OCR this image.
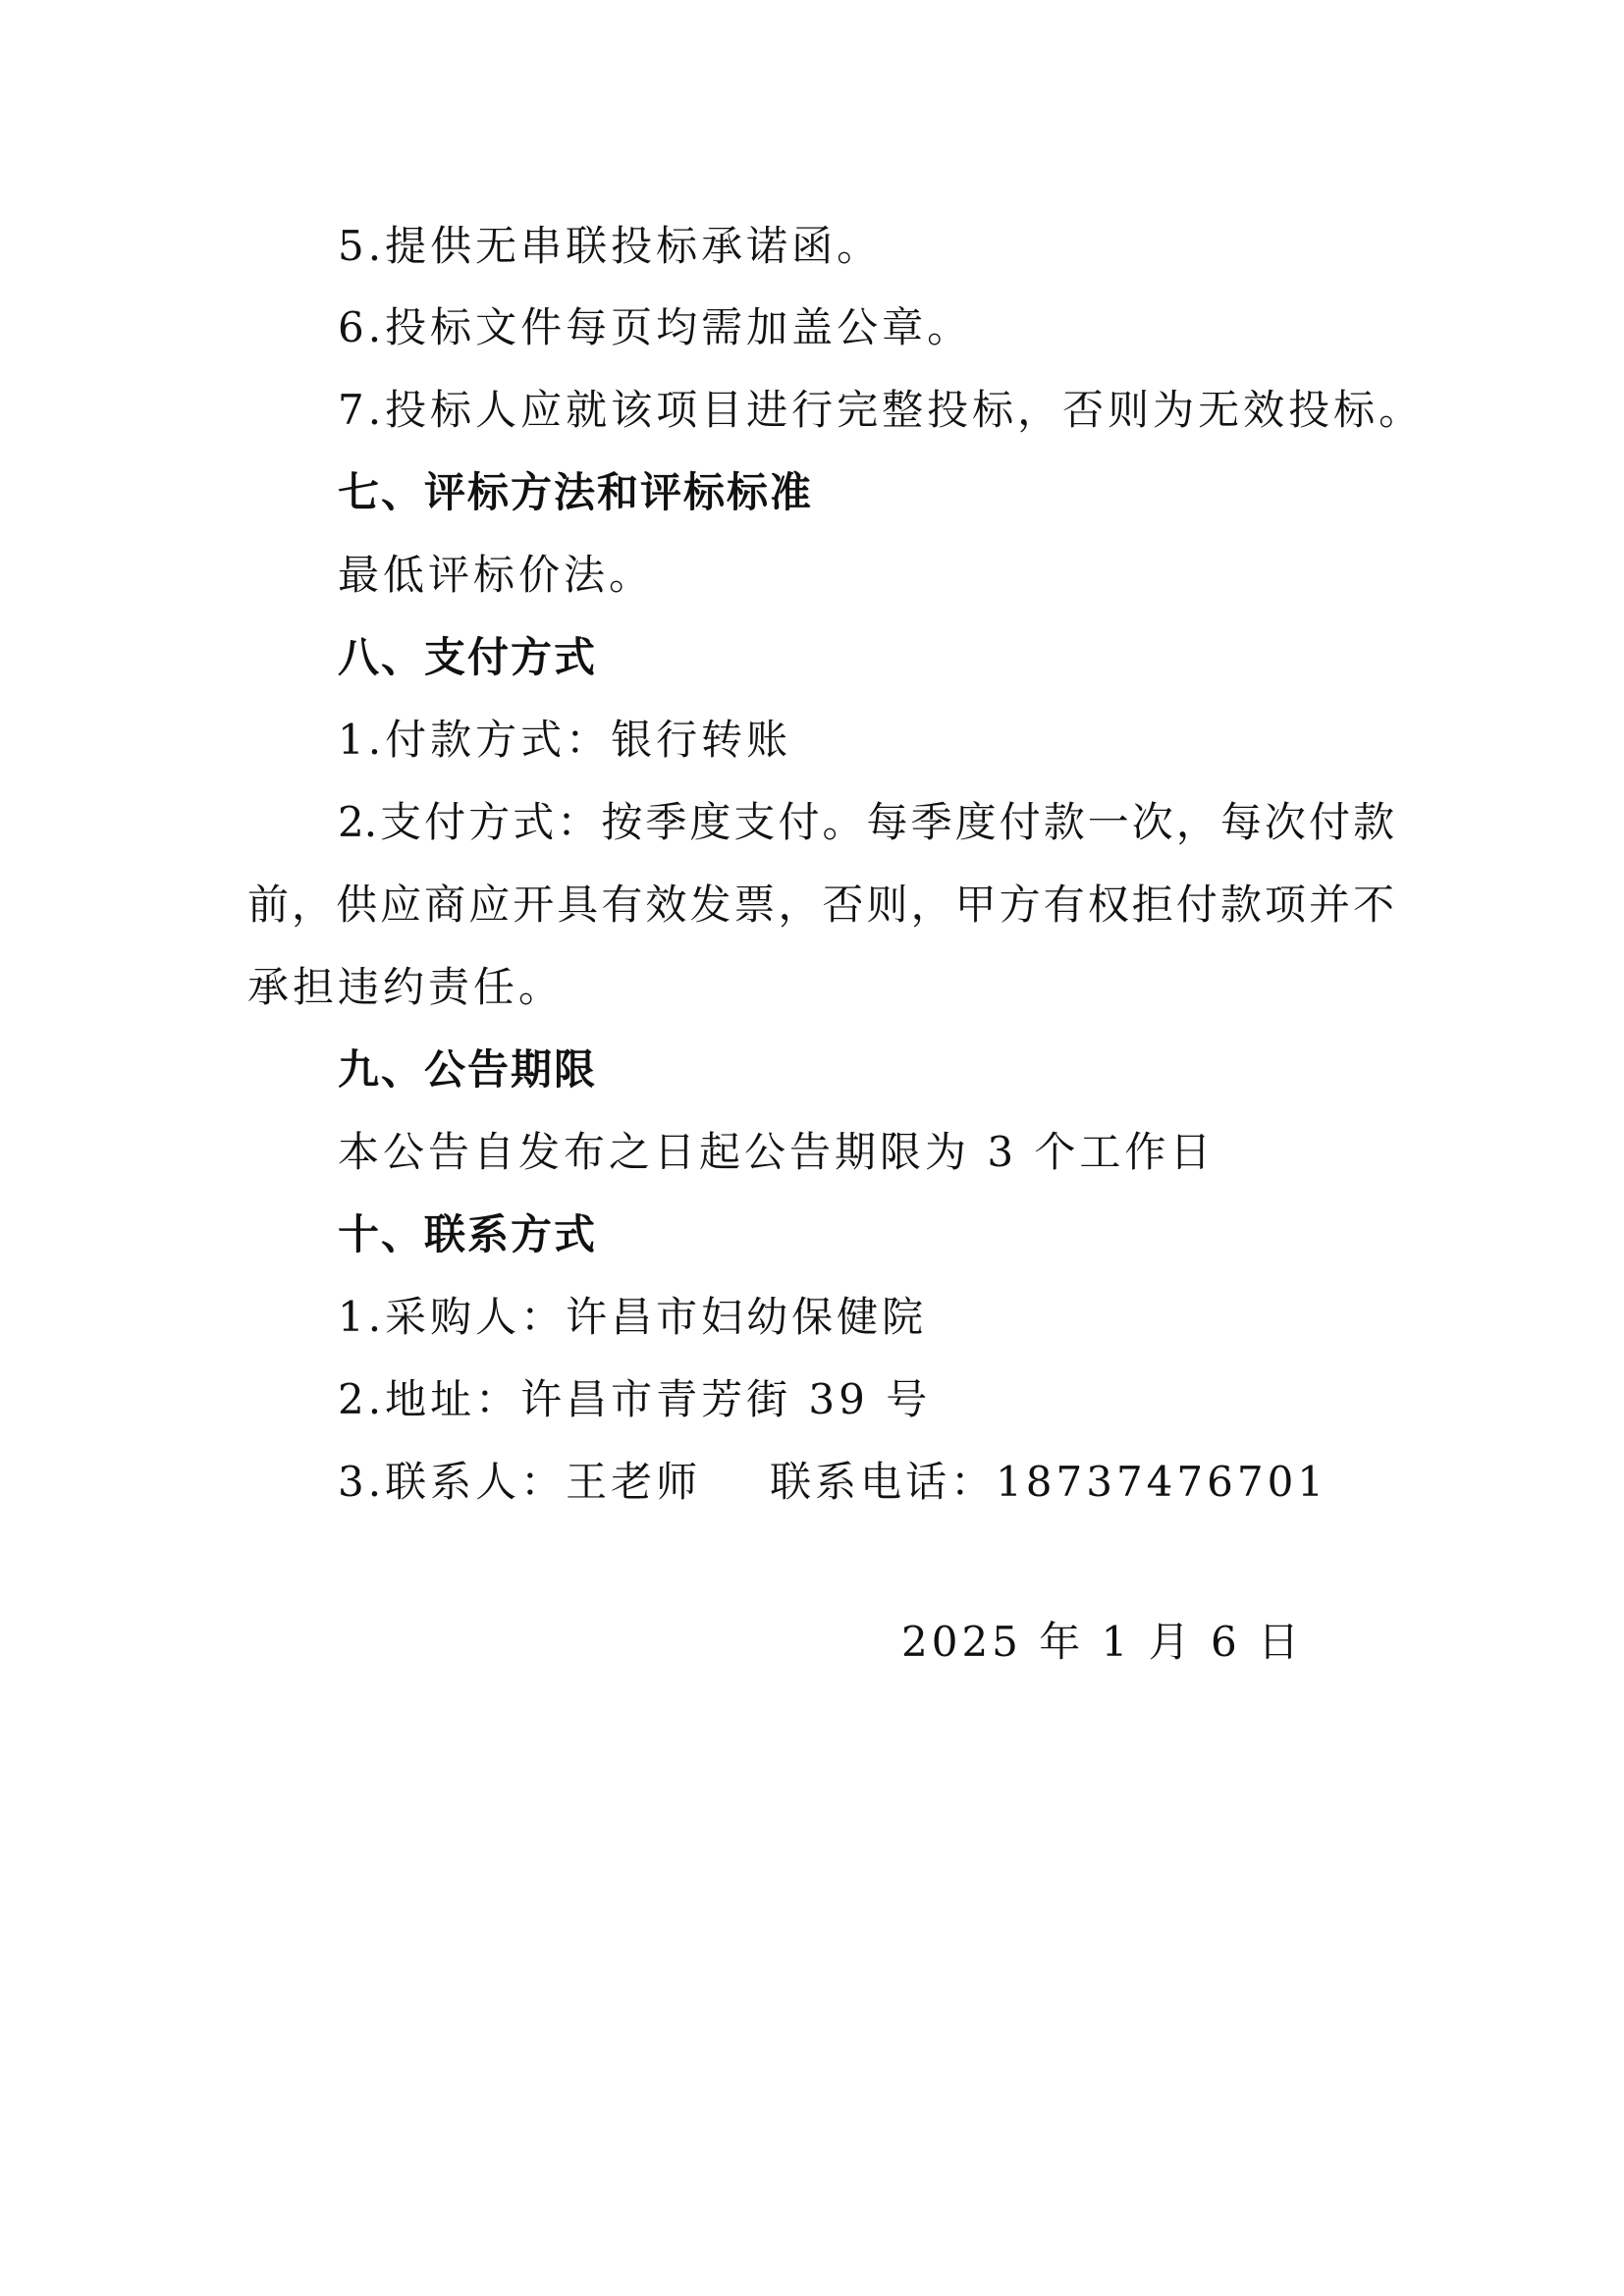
5.提供无串联投标承诺函。
6.投标文件每页均需加盖公章。
7.投标人应就该项目进行完整投标，否则为无效投标。
七、评标方法和评标标准
最低评标价法。
八、支付方式
1.付款方式：银行转账
2.支付方式：按季度支付。每季度付款一次，每次付款
前，供应商应开具有效发票，否则，甲方有权拒付款项并不
承担违约责任。
九、公告期限
本公告自发布之日起公告期限为 3 个工作日
十、联系方式
1.采购人：许昌市妇幼保健院
2.地址：许昌市青芳街 39 号
3.联系人：王老师 联系电话：18737476701
2025 年 1 月 6 日
